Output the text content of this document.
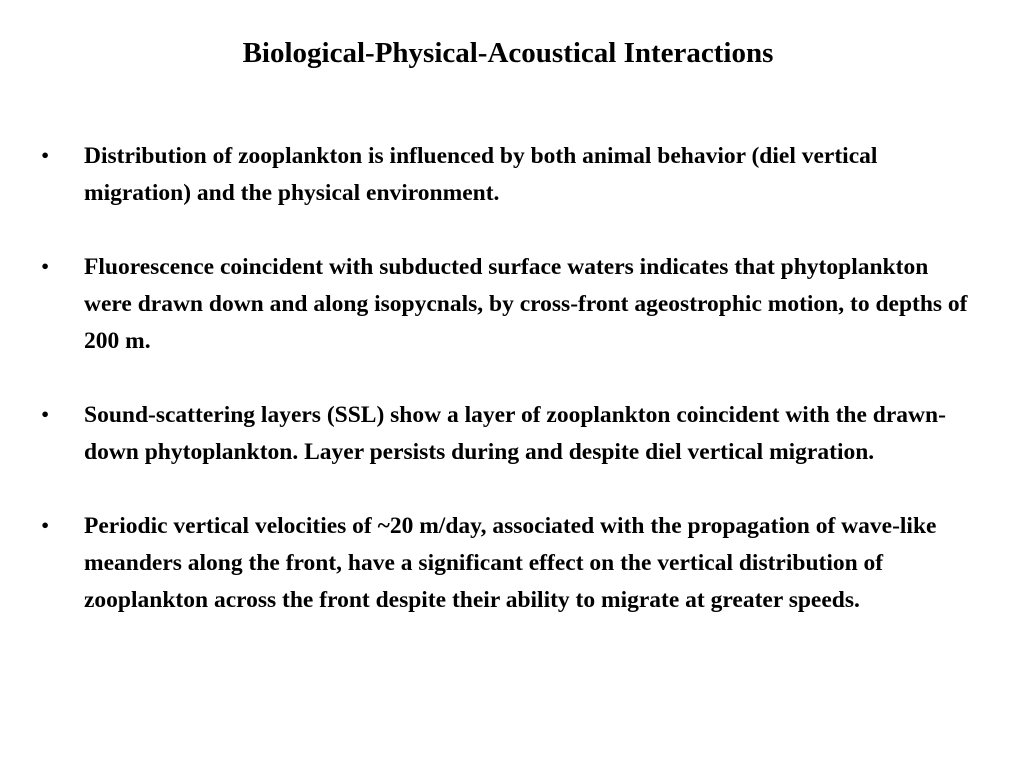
Biological-Physical-Acoustical Interactions
• Distribution of zooplankton is influenced by both animal behavior (diel vertical migration) and the physical environment.
• Fluorescence coincident with subducted surface waters indicates that phytoplankton were drawn down and along isopycnals, by cross-front ageostrophic motion, to depths of 200 m.
• Sound-scattering layers (SSL) show a layer of zooplankton coincident with the drawn-down phytoplankton. Layer persists during and despite diel vertical migration.
• Periodic vertical velocities of ~20 m/day, associated with the propagation of wave-like meanders along the front, have a significant effect on the vertical distribution of zooplankton across the front despite their ability to migrate at greater speeds.
